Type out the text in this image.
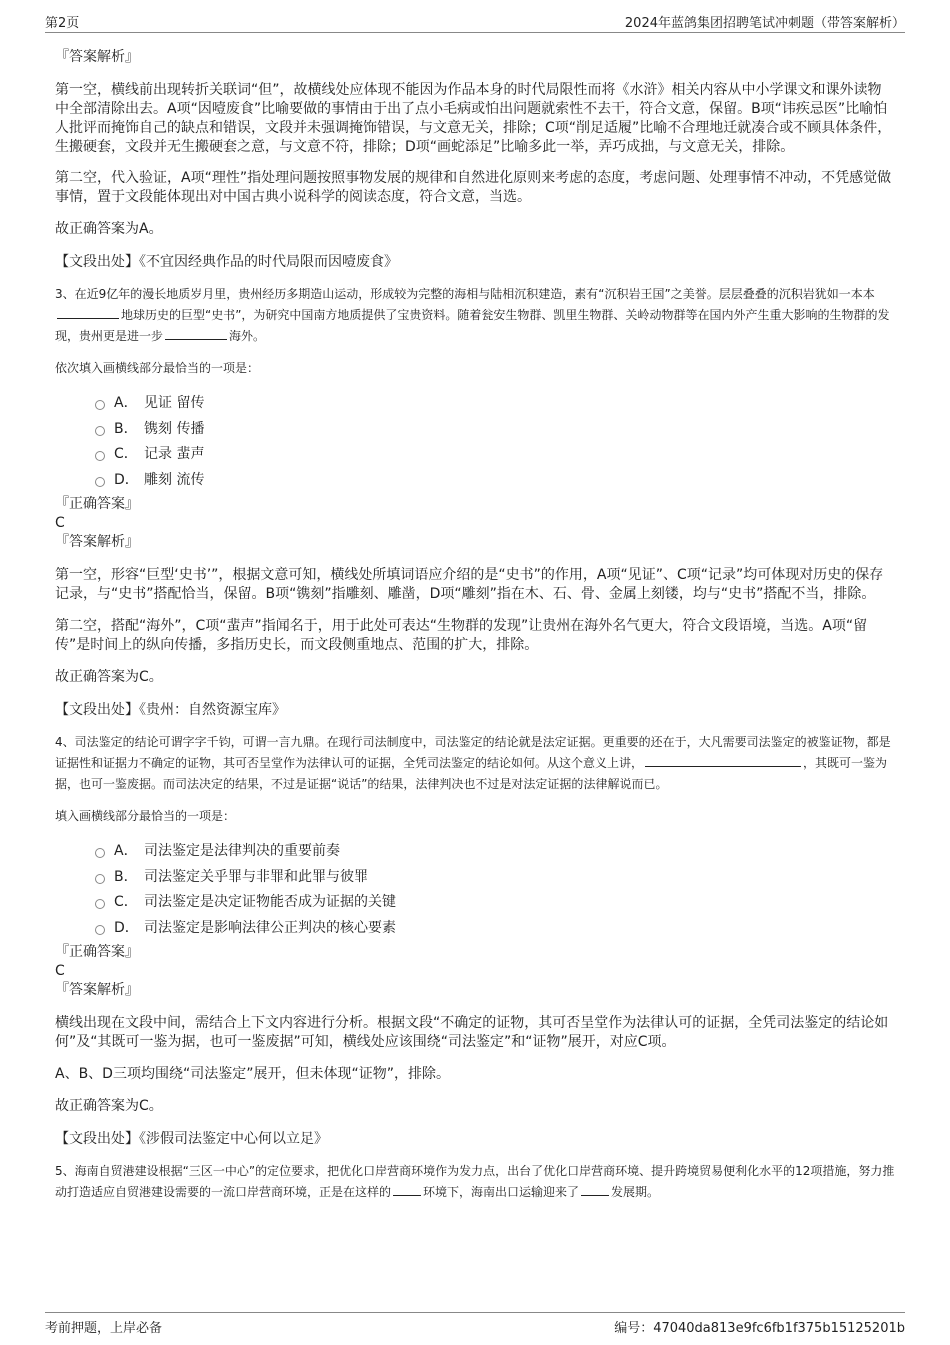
第2页	2024年蓝鸽集团招聘笔试冲刺题（带答案解析）

『答案解析』

第一空，横线前出现转折关联词“但”，故横线处应体现不能因为作品本身的时代局限性而将《水浒》相关内容从中小学课文和课外读物中全部清除出去。A项“因噎废食”比喻要做的事情由于出了点小毛病或怕出问题就索性不去干，符合文意，保留。B项“讳疾忌医”比喻怕人批评而掩饰自己的缺点和错误，文段并未强调掩饰错误，与文意无关，排除；C项“削足适履”比喻不合理地迁就凑合或不顾具体条件，生搬硬套，文段并无生搬硬套之意，与文意不符，排除；D项“画蛇添足”比喻多此一举，弄巧成拙，与文意无关，排除。

第二空，代入验证，A项“理性”指处理问题按照事物发展的规律和自然进化原则来考虑的态度，考虑问题、处理事情不冲动，不凭感觉做事情，置于文段能体现出对中国古典小说科学的阅读态度，符合文意，当选。

故正确答案为A。

【文段出处】《不宜因经典作品的时代局限而因噎废食》

3、在近9亿年的漫长地质岁月里，贵州经历多期造山运动，形成较为完整的海相与陆相沉积建造，素有“沉积岩王国”之美誉。层层叠叠的沉积岩犹如一本本地球历史的巨型“史书”，为研究中国南方地质提供了宝贵资料。随着瓮安生物群、凯里生物群、关岭动物群等在国内外产生重大影响的生物群的发现，贵州更是进一步	海外。

依次填入画横线部分最恰当的一项是：

A． 见证 留传
B． 镌刻 传播
C． 记录 蜚声
D． 雕刻 流传

『正确答案』

C

『答案解析』

第一空，形容“巨型‘史书’”，根据文意可知，横线处所填词语应介绍的是“史书”的作用，A项“见证”、C项“记录”均可体现对历史的保存记录，与“史书”搭配恰当，保留。B项“镌刻”指雕刻、雕凿，D项“雕刻”指在木、石、骨、金属上刻镂，均与“史书”搭配不当，排除。

第二空，搭配“海外”，C项“蜚声”指闻名于，用于此处可表达“生物群的发现”让贵州在海外名气更大，符合文段语境，当选。A项“留传”是时间上的纵向传播，多指历史长，而文段侧重地点、范围的扩大，排除。

故正确答案为C。

【文段出处】《贵州：自然资源宝库》

4、司法鉴定的结论可谓字字千钧，可谓一言九鼎。在现行司法制度中，司法鉴定的结论就是法定证据。更重要的还在于，大凡需要司法鉴定的被鉴证物，都是证据性和证据力不确定的证物，其可否呈堂作为法律认可的证据，全凭司法鉴定的结论如何。从这个意义上讲，	，其既可一鉴为据，也可一鉴废据。而司法决定的结果，不过是证据“说话”的结果，法律判决也不过是对法定证据的法律解说而已。

填入画横线部分最恰当的一项是：

A． 司法鉴定是法律判决的重要前奏
B． 司法鉴定关乎罪与非罪和此罪与彼罪
C． 司法鉴定是决定证物能否成为证据的关键
D． 司法鉴定是影响法律公正判决的核心要素

『正确答案』

C

『答案解析』

横线出现在文段中间，需结合上下文内容进行分析。根据文段“不确定的证物，其可否呈堂作为法律认可的证据，全凭司法鉴定的结论如何”及“其既可一鉴为据，也可一鉴废据”可知，横线处应该围绕“司法鉴定”和“证物”展开，对应C项。

A、B、D三项均围绕“司法鉴定”展开，但未体现“证物”，排除。

故正确答案为C。

【文段出处】《涉假司法鉴定中心何以立足》

5、海南自贸港建设根据“三区一中心”的定位要求，把优化口岸营商环境作为发力点，出台了优化口岸营商环境、提升跨境贸易便利化水平的12项措施，努力推动打造适应自贸港建设需要的一流口岸营商环境，正是在这样的	环境下，海南出口运输迎来了	发展期。

考前押题，上岸必备	编号：47040da813e9fc6fb1f375b15125201b
